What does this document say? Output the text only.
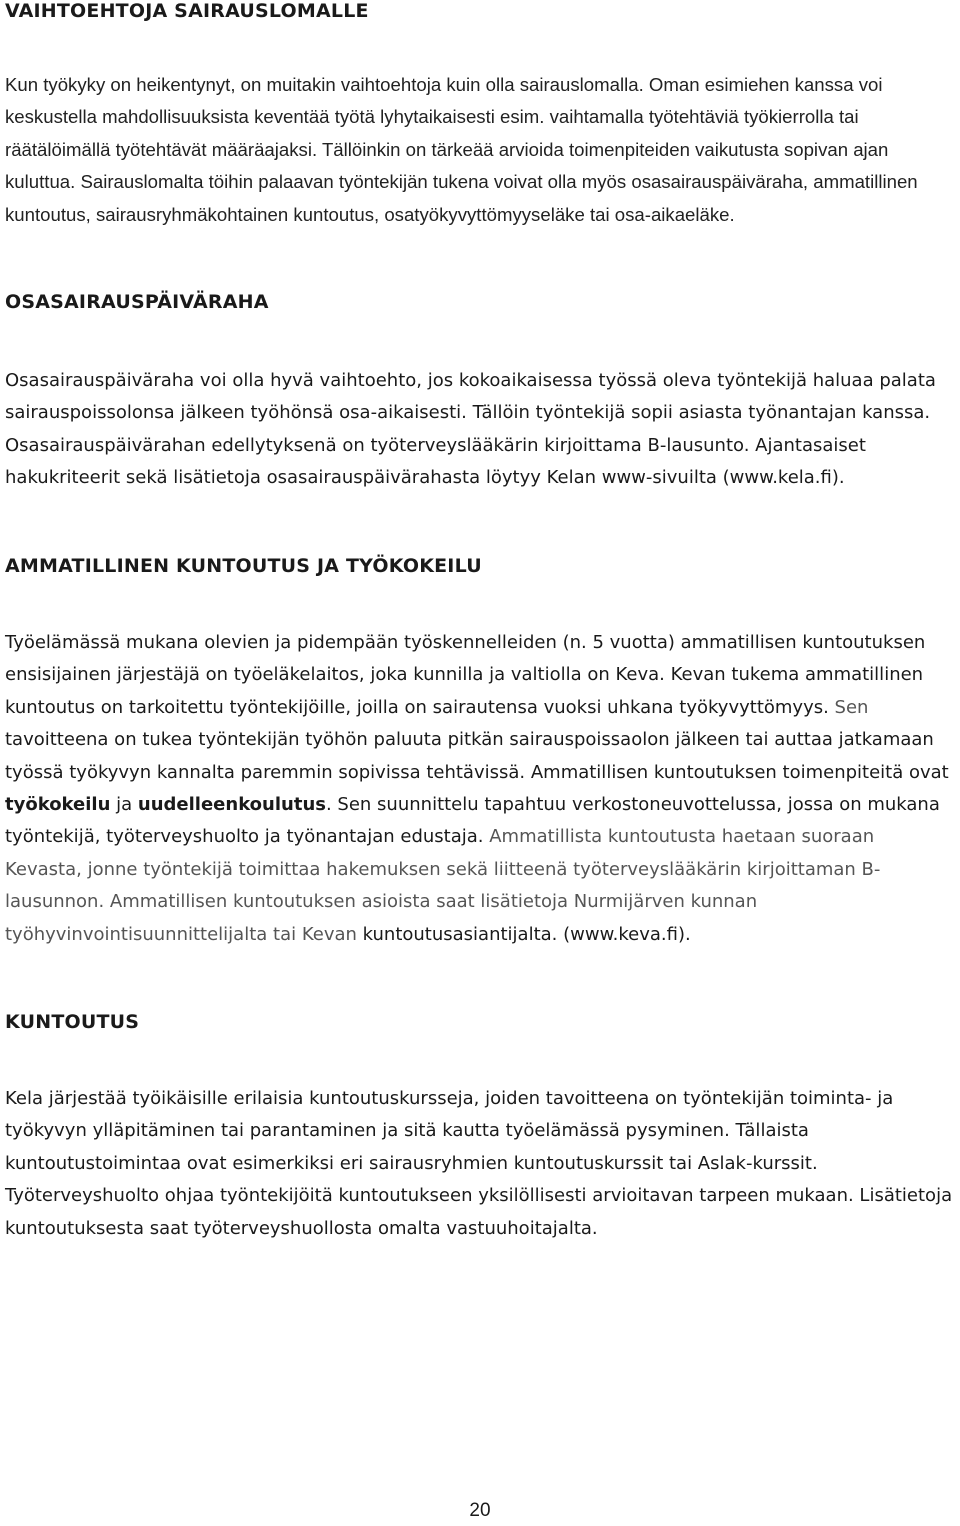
VAIHTOEHTOJA SAIRAUSLOMALLE

Kun työkyky on heikentynyt, on muitakin vaihtoehtoja kuin olla sairauslomalla. Oman esimiehen kanssa voi keskustella mahdollisuuksista keventää työtä lyhytaikaisesti esim. vaihtamalla työtehtäviä työkierrolla tai räätälöimällä työtehtävät määräajaksi. Tällöinkin on tärkeää arvioida toimenpiteiden vaikutusta sopivan ajan kuluttua. Sairauslomalta töihin palaavan työntekijän tukena voivat olla myös osasairauspäiväraha, ammatillinen kuntoutus, sairausryhmäkohtainen kuntoutus, osatyökyvyttömyyseläke tai osa-aikaeläke.

OSASAIRAUSPÄIVÄRAHA

Osasairauspäiväraha voi olla hyvä vaihtoehto, jos kokoaikaisessa työssä oleva työntekijä haluaa palata sairauspoissolonsa jälkeen työhönsä osa-aikaisesti. Tällöin työntekijä sopii asiasta työnantajan kanssa. Osasairauspäivärahan edellytyksenä on työterveyslääkärin kirjoittama B-lausunto. Ajantasaiset hakukriteerit sekä lisätietoja osasairauspäivärahasta löytyy Kelan www-sivuilta (www.kela.fi).

AMMATILLINEN KUNTOUTUS JA TYÖKOKEILU

Työelämässä mukana olevien ja pidempään työskennelleiden (n. 5 vuotta) ammatillisen kuntoutuksen ensisijainen järjestäjä on työeläkelaitos, joka kunnilla ja valtiolla on Keva. Kevan tukema ammatillinen kuntoutus on tarkoitettu työntekijöille, joilla on sairautensa vuoksi uhkana työkyvyttömyys. Sen tavoitteena on tukea työntekijän työhön paluuta pitkän sairauspoissaolon jälkeen tai auttaa jatkamaan työssä työkyvyn kannalta paremmin sopivissa tehtävissä. Ammatillisen kuntoutuksen toimenpiteitä ovat työkokeilu ja uudelleenkoulutus. Sen suunnittelu tapahtuu verkostoneuvottelussa, jossa on mukana työntekijä, työterveyshuolto ja työnantajan edustaja. Ammatillista kuntoutusta haetaan suoraan Kevasta, jonne työntekijä toimittaa hakemuksen sekä liitteenä työterveyslääkärin kirjoittaman B-lausunnon. Ammatillisen kuntoutuksen asioista saat lisätietoja Nurmijärven kunnan työhyvinvointisuunnittelijalta tai Kevan kuntoutusasiantijalta. (www.keva.fi).

KUNTOUTUS

Kela järjestää työikäisille erilaisia kuntoutuskursseja, joiden tavoitteena on työntekijän toiminta- ja työkyvyn ylläpitäminen tai parantaminen ja sitä kautta työelämässä pysyminen. Tällaista kuntoutustoimintaa ovat esimerkiksi eri sairausryhmien kuntoutuskurssit tai Aslak-kurssit. Työterveyshuolto ohjaa työntekijöitä kuntoutukseen yksilöllisesti arvioitavan tarpeen mukaan. Lisätietoja kuntoutuksesta saat työterveyshuollosta omalta vastuuhoitajalta.

20
